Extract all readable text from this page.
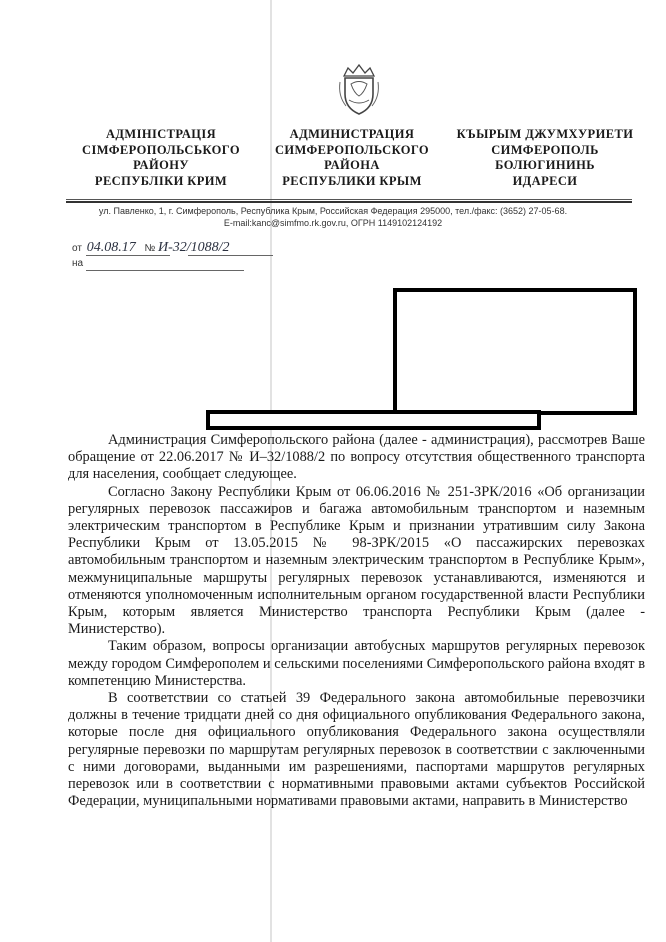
АДМІНІСТРАЦІЯ
СІМФЕРОПОЛЬСЬКОГО
РАЙОНУ
РЕСПУБЛІКИ КРИМ
АДМИНИСТРАЦИЯ
СИМФЕРОПОЛЬСКОГО
РАЙОНА
РЕСПУБЛИКИ КРЫМ
КЪЫРЫМ ДЖУМХУРИЕТИ
СИМФЕРОПОЛЬ
БОЛЮГИНИНЬ
ИДАРЕСИ
ул. Павленко, 1, г. Симферополь, Республика Крым, Российская Федерация 295000, тел./факс: (3652) 27-05-68.
E-mail:kanc@simfmo.rk.gov.ru, ОГРН 1149102124192
от 04.08.17 № И-32/1088/2
на

Администрация Симферопольского района (далее - администрация), рассмотрев Ваше обращение от 22.06.2017 № И–32/1088/2 по вопросу отсутствия общественного транспорта для населения, сообщает следующее.

Согласно Закону Республики Крым от 06.06.2016 № 251-ЗРК/2016 «Об организации регулярных перевозок пассажиров и багажа автомобильным транспортом и наземным электрическим транспортом в Республике Крым и признании утратившим силу Закона Республики Крым от 13.05.2015 № 98-ЗРК/2015 «О пассажирских перевозках автомобильным транспортом и наземным электрическим транспортом в Республике Крым», межмуниципальные маршруты регулярных перевозок устанавливаются, изменяются и отменяются уполномоченным исполнительным органом государственной власти Республики Крым, которым является Министерство транспорта Республики Крым (далее - Министерство).

Таким образом, вопросы организации автобусных маршрутов регулярных перевозок между городом Симферополем и сельскими поселениями Симферопольского района входят в компетенцию Министерства.

В соответствии со статьей 39 Федерального закона автомобильные перевозчики должны в течение тридцати дней со дня официального опубликования Федерального закона, которые после дня официального опубликования Федерального закона осуществляли регулярные перевозки по маршрутам регулярных перевозок в соответствии с заключенными с ними договорами, выданными им разрешениями, паспортами маршрутов регулярных перевозок или в соответствии с нормативными правовыми актами субъектов Российской Федерации, муниципальными нормативами правовыми актами, направить в Министерство
